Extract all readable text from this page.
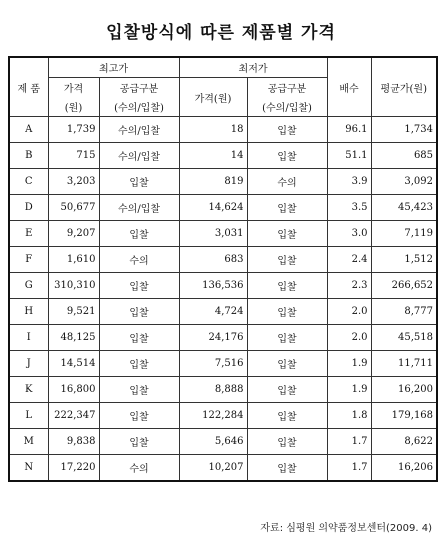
입찰방식에 따른 제품별 가격
제 품	최고가		최저가		배수	평균가(원)
	가격	공급구분	가격(원)	공급구분		
	(원)	(수의/입찰)		(수의/입찰)		
A	1,739	수의/입찰	18	입찰	96.1	1,734
B	715	수의/입찰	14	입찰	51.1	685
C	3,203	입찰	819	수의	3.9	3,092
D	50,677	수의/입찰	14,624	입찰	3.5	45,423
E	9,207	입찰	3,031	입찰	3.0	7,119
F	1,610	수의	683	입찰	2.4	1,512
G	310,310	입찰	136,536	입찰	2.3	266,652
H	9,521	입찰	4,724	입찰	2.0	8,777
I	48,125	입찰	24,176	입찰	2.0	45,518
J	14,514	입찰	7,516	입찰	1.9	11,711
K	16,800	입찰	8,888	입찰	1.9	16,200
L	222,347	입찰	122,284	입찰	1.8	179,168
M	9,838	입찰	5,646	입찰	1.7	8,622
N	17,220	수의	10,207	입찰	1.7	16,206
자료: 심평원 의약품정보센터(2009. 4)
